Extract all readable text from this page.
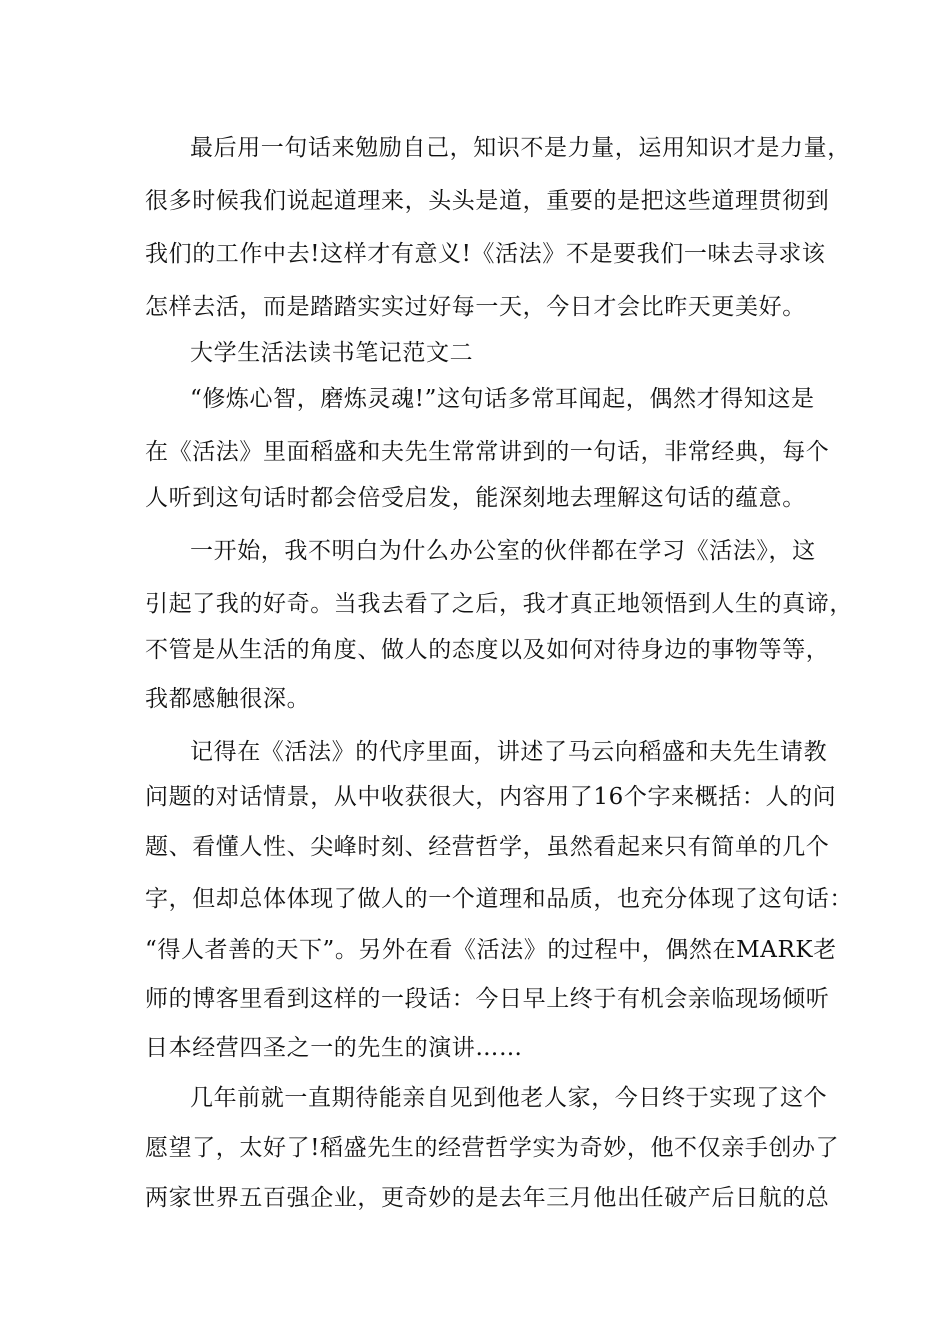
最后用一句话来勉励自己，知识不是力量，运用知识才是力量，
很多时候我们说起道理来，头头是道，重要的是把这些道理贯彻到
我们的工作中去!这样才有意义!《活法》不是要我们一味去寻求该
怎样去活，而是踏踏实实过好每一天，今日才会比昨天更美好。
大学生活法读书笔记范文二
“修炼心智，磨炼灵魂!”这句话多常耳闻起，偶然才得知这是
在《活法》里面稻盛和夫先生常常讲到的一句话，非常经典，每个
人听到这句话时都会倍受启发，能深刻地去理解这句话的蕴意。
一开始，我不明白为什么办公室的伙伴都在学习《活法》，这
引起了我的好奇。当我去看了之后，我才真正地领悟到人生的真谛，
不管是从生活的角度、做人的态度以及如何对待身边的事物等等，
我都感触很深。
记得在《活法》的代序里面，讲述了马云向稻盛和夫先生请教
问题的对话情景，从中收获很大，内容用了16个字来概括：人的问
题、看懂人性、尖峰时刻、经营哲学，虽然看起来只有简单的几个
字，但却总体体现了做人的一个道理和品质，也充分体现了这句话：
“得人者善的天下”。另外在看《活法》的过程中，偶然在MARK老
师的博客里看到这样的一段话：今日早上终于有机会亲临现场倾听
日本经营四圣之一的先生的演讲……
几年前就一直期待能亲自见到他老人家，今日终于实现了这个
愿望了，太好了!稻盛先生的经营哲学实为奇妙，他不仅亲手创办了
两家世界五百强企业，更奇妙的是去年三月他出任破产后日航的总
